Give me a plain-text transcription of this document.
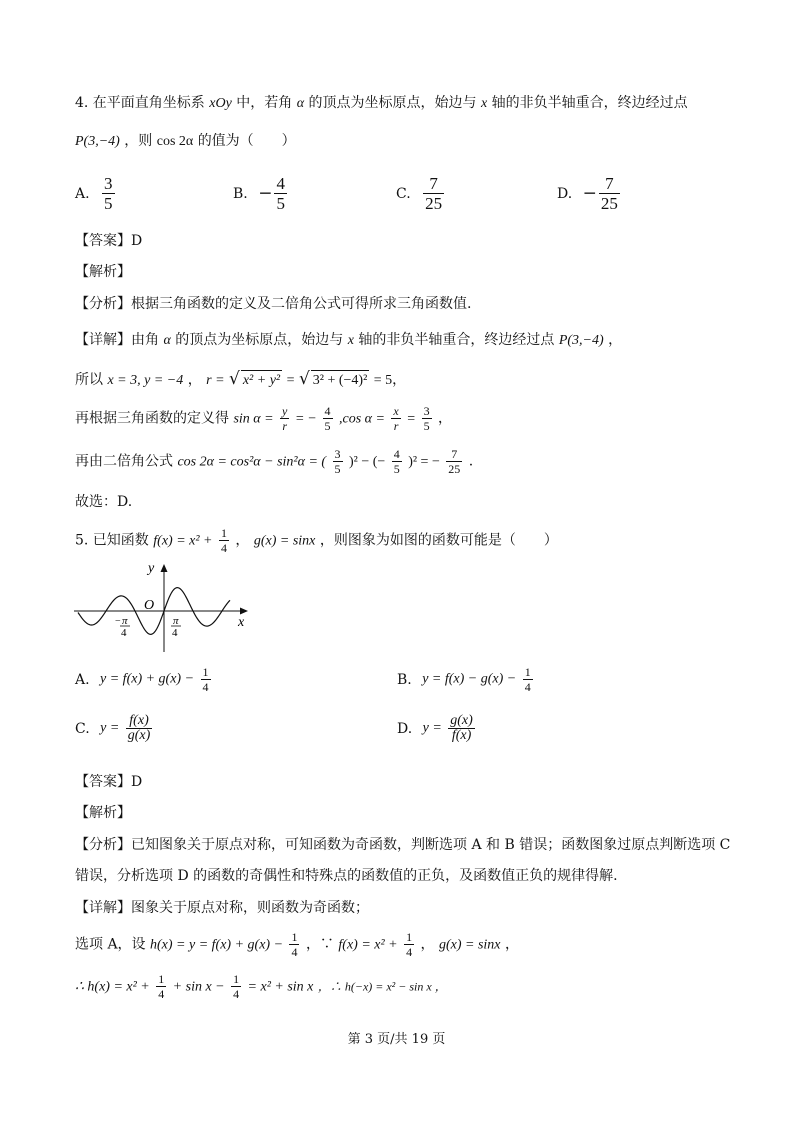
4. 在平面直角坐标系 xOy 中，若角 α 的顶点为坐标原点，始边与 x 轴的非负半轴重合，终边经过点
P(3,−4) ，则 cos 2α 的值为（　　）
A. $\frac{3}{5}$	B. − $\frac{4}{5}$	C. $\frac{7}{25}$	D. − $\frac{7}{25}$
【答案】D
【解析】
【分析】根据三角函数的定义及二倍角公式可得所求三角函数值.
【详解】由角 α 的顶点为坐标原点，始边与 x 轴的非负半轴重合，终边经过点 P(3,−4) ，
所以 x = 3, y = −4 ， r = √ x² + y² = √ 3² + (−4)² = 5，
再根据三角函数的定义得 $\sin \alpha = \frac{y}{r}$ = − $\frac{4}{5} ,\cos$ $\alpha = \frac{x}{r} = \frac{3}{5}$ ，
再由二倍角公式 cos 2α = cos²α − sin²α = ( $\frac{3}{5} )^2$ − (− $\frac{4}{5} )^2$ = − $\frac{7}{25}$ .
故选：D.
5. 已知函数 $f(x) = x^2 + \frac{1}{4}$ ， g(x) = sinx ，则图象为如图的函数可能是（　　）
y
x
O
− π
4
π
4
A. $y = f(x) + g(x) - \frac{1}{4}$	B. $y = f(x) - g(x) - \frac{1}{4}$
C. $y = \frac{f(x)}{g(x)}$	D. $y = \frac{g(x)}{f(x)}$
【答案】D
【解析】
【分析】已知图象关于原点对称，可知函数为奇函数，判断选项 A 和 B 错误；函数图象过原点判断选项 C
错误，分析选项 D 的函数的奇偶性和特殊点的函数值的正负，及函数值正负的规律得解.
【详解】图象关于原点对称，则函数为奇函数；
选项 A，设 $h(x) = y = f(x) + g(x) - \frac{1}{4}$ ，∵ $f(x) = x^2 + \frac{1}{4}$ ， g(x) = sinx ，
∴ $h(x) = x^2 + \frac{1}{4} + \sin x - \frac{1}{4} = x^2 + \sin x$ ，∴ h(−x) = x² − sin x ，
第 3 页/共 19 页
